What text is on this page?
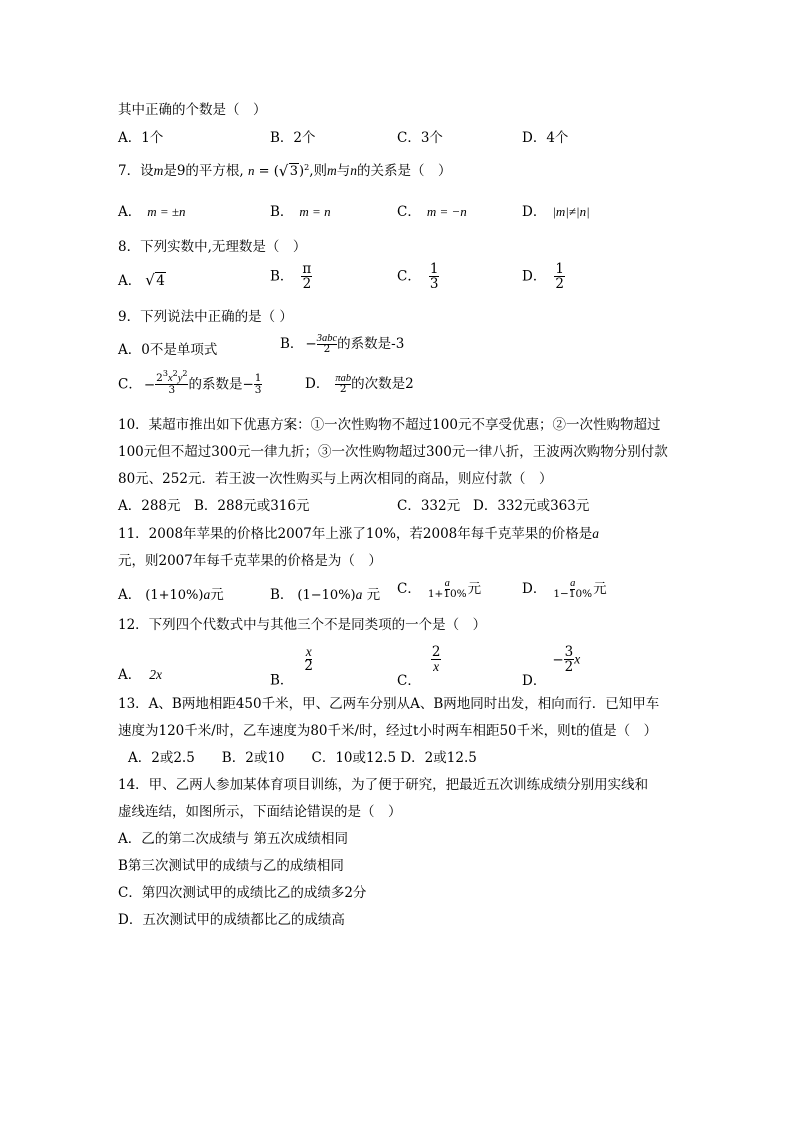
其中正确的个数是（　）
A．1个	B．2个	C．3个	D．4个
7．设m是9的平方根, n = ( √ 3)$^2$,则m与n的关系是（　）
A． m = ±n	B． m = n	C． m = −n	D． |m|≠|n|
8．下列实数中,无理数是（　）
A． √ 4	B． $\frac{\pi}{2}$	C． $\frac{1}{3}$	D． $\frac{1}{2}$
9．下列说法中正确的是（ ）
A．0不是单项式	B． $-\frac{\text{3abc}}{2}$ 的系数是-3
C． − $\frac{2^3x^2y^2}{3}$ 的系数是− $\frac{1}{3}$	D． $\frac{\text{πab}}{2}$ 的次数是2
10．某超市推出如下优惠方案：①一次性购物不超过100元不享受优惠；②一次性购物超过
100元但不超过300元一律九折；③一次性购物超过300元一律八折，王波两次购物分别付款
80元、252元．若王波一次性购买与上两次相同的商品，则应付款（　）
A．288元　B．288元或316元	C．332元 D．332元或363元
11．2008年苹果的价格比2007年上涨了10%，若2008年每千克苹果的价格是a
元，则2007年每千克苹果的价格是为（　）
A． (1+10%)a元	B． (1−10%)a 元 C． $\frac{a}{1+10\%}$ 元	D． $\frac{a}{1-10\%}$ 元
12．下列四个代数式中与其他三个不是同类项的一个是（　）
A． 2x	B．$\frac{x}{2}$
C．
$\frac{2}{x}$
D．− $\frac{3}{2}$ x
13．A、B两地相距450千米，甲、乙两车分别从A、B两地同时出发，相向而行．已知甲车
速度为120千米/时，乙车速度为80千米/时，经过t小时两车相距50千米，则t的值是（　）
A．2或2.5　　B．2或10　　C．10或12.5 D．2或12.5
14．甲、乙两人参加某体育项目训练，为了便于研究，把最近五次训练成绩分别用实线和
虚线连结，如图所示，下面结论错误的是（　）
A．乙的第二次成绩与 第五次成绩相同
B第三次测试甲的成绩与乙的成绩相同
C．第四次测试甲的成绩比乙的成绩多2分
D．五次测试甲的成绩都比乙的成绩高
